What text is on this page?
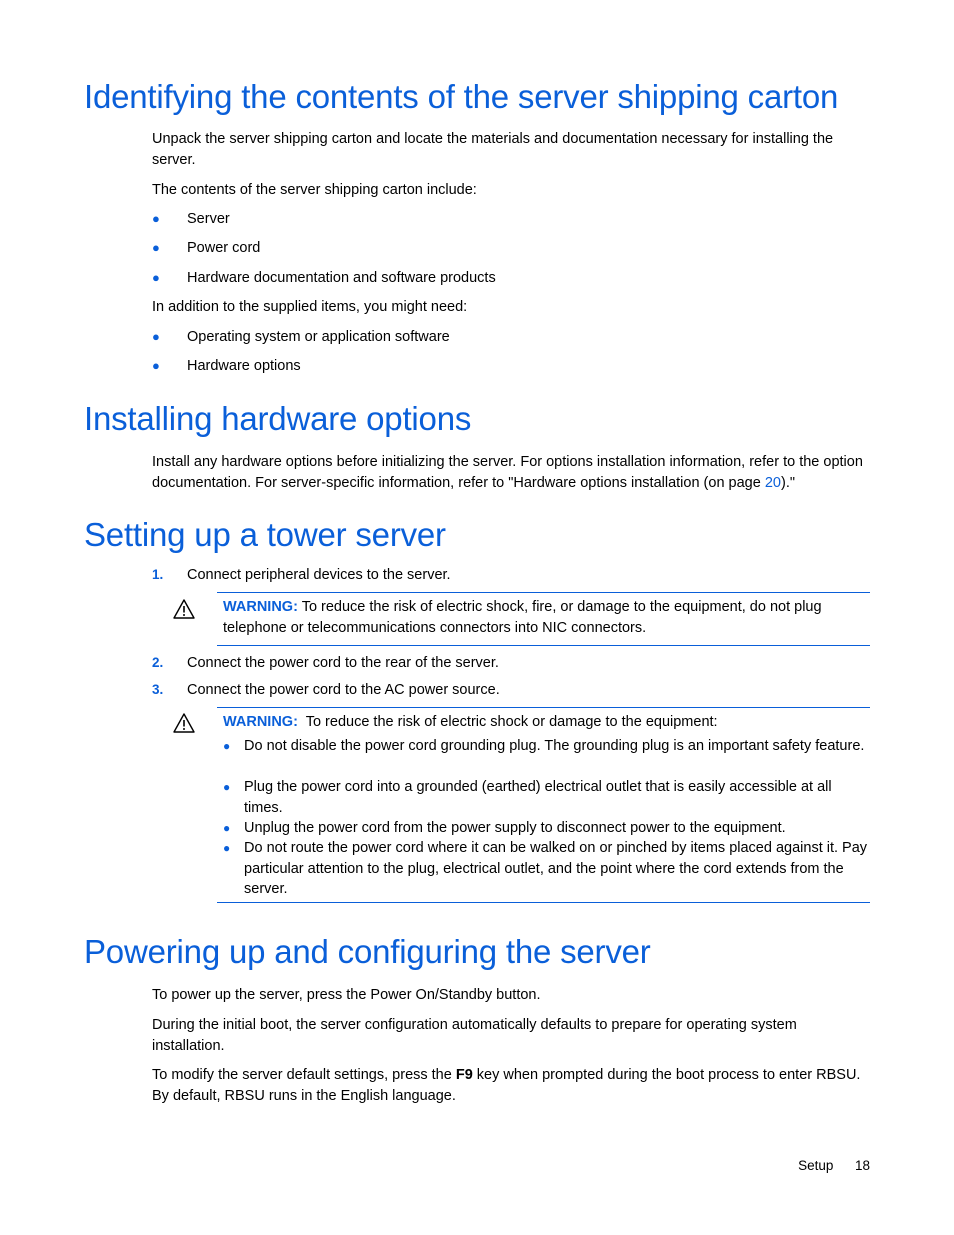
Identifying the contents of the server shipping carton

Unpack the server shipping carton and locate the materials and documentation necessary for installing the server.

The contents of the server shipping carton include:

● Server
● Power cord
● Hardware documentation and software products

In addition to the supplied items, you might need:

● Operating system or application software
● Hardware options
Installing hardware options

Install any hardware options before initializing the server. For options installation information, refer to the option documentation. For server-specific information, refer to "Hardware options installation (on page 20)."

Setting up a tower server
1. Connect peripheral devices to the server.
WARNING: To reduce the risk of electric shock, fire, or damage to the equipment, do not plug telephone or telecommunications connectors into NIC connectors.
2. Connect the power cord to the rear of the server.
3. Connect the power cord to the AC power source.
WARNING:  To reduce the risk of electric shock or damage to the equipment:
● Do not disable the power cord grounding plug. The grounding plug is an important safety feature.
● Plug the power cord into a grounded (earthed) electrical outlet that is easily accessible at all times.
● Unplug the power cord from the power supply to disconnect power to the equipment.
● Do not route the power cord where it can be walked on or pinched by items placed against it. Pay particular attention to the plug, electrical outlet, and the point where the cord extends from the server.
Powering up and configuring the server

To power up the server, press the Power On/Standby button.

During the initial boot, the server configuration automatically defaults to prepare for operating system installation.

To modify the server default settings, press the F9 key when prompted during the boot process to enter RBSU. By default, RBSU runs in the English language.

Setup 18
